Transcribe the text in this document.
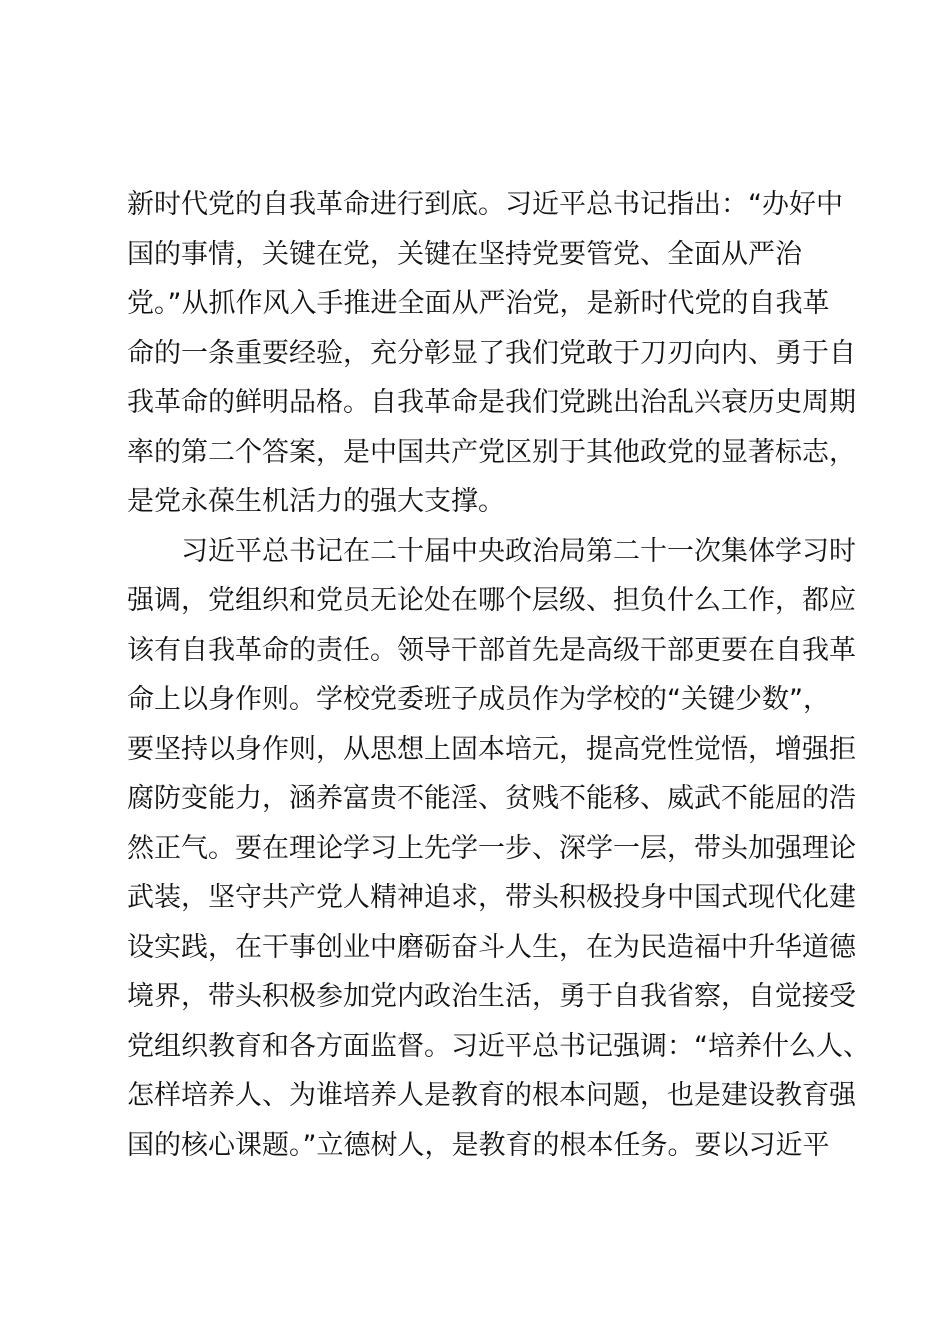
新时代党的自我革命进行到底。习近平总书记指出：“办好中
国的事情，关键在党，关键在坚持党要管党、全面从严治
党。”从抓作风入手推进全面从严治党，是新时代党的自我革
命的一条重要经验，充分彰显了我们党敢于刀刃向内、勇于自
我革命的鲜明品格。自我革命是我们党跳出治乱兴衰历史周期
率的第二个答案，是中国共产党区别于其他政党的显著标志，
是党永葆生机活力的强大支撑。
习近平总书记在二十届中央政治局第二十一次集体学习时
强调，党组织和党员无论处在哪个层级、担负什么工作，都应
该有自我革命的责任。领导干部首先是高级干部更要在自我革
命上以身作则。学校党委班子成员作为学校的“关键少数”，
要坚持以身作则，从思想上固本培元，提高党性觉悟，增强拒
腐防变能力，涵养富贵不能淫、贫贱不能移、威武不能屈的浩
然正气。要在理论学习上先学一步、深学一层，带头加强理论
武装，坚守共产党人精神追求，带头积极投身中国式现代化建
设实践，在干事创业中磨砺奋斗人生，在为民造福中升华道德
境界，带头积极参加党内政治生活，勇于自我省察，自觉接受
党组织教育和各方面监督。习近平总书记强调：“培养什么人、
怎样培养人、为谁培养人是教育的根本问题，也是建设教育强
国的核心课题。”立德树人，是教育的根本任务。要以习近平
